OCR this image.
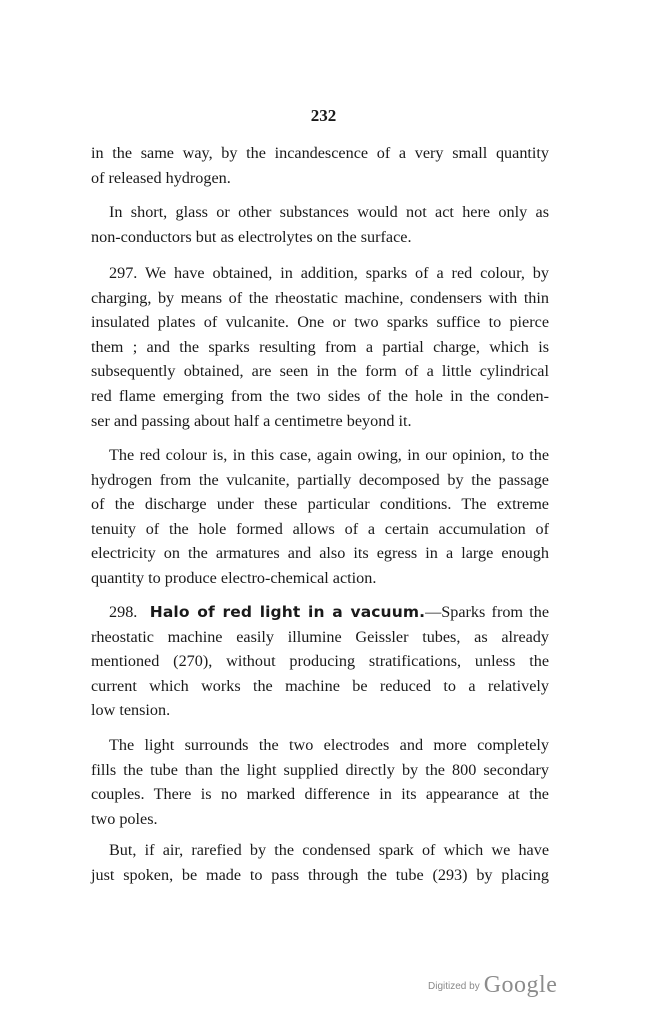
232
in the same way, by the incandescence of a very small quantity
of released hydrogen.
In short, glass or other substances would not act here only as
non-conductors but as electrolytes on the surface.
297. We have obtained, in addition, sparks of a red colour, by
charging, by means of the rheostatic machine, condensers with thin
insulated plates of vulcanite. One or two sparks suffice to pierce
them ; and the sparks resulting from a partial charge, which is
subsequently obtained, are seen in the form of a little cylindrical
red flame emerging from the two sides of the hole in the conden-
ser and passing about half a centimetre beyond it.
The red colour is, in this case, again owing, in our opinion, to the
hydrogen from the vulcanite, partially decomposed by the passage
of the discharge under these particular conditions. The extreme
tenuity of the hole formed allows of a certain accumulation of
electricity on the armatures and also its egress in a large enough
quantity to produce electro-chemical action.
298. Halo of red light in a vacuum.—Sparks from the
rheostatic machine easily illumine Geissler tubes, as already
mentioned (270), without producing stratifications, unless the
current which works the machine be reduced to a relatively
low tension.
The light surrounds the two electrodes and more completely
fills the tube than the light supplied directly by the 800 secondary
couples. There is no marked difference in its appearance at the
two poles.
But, if air, rarefied by the condensed spark of which we have
just spoken, be made to pass through the tube (293) by placing
Digitized by Google
